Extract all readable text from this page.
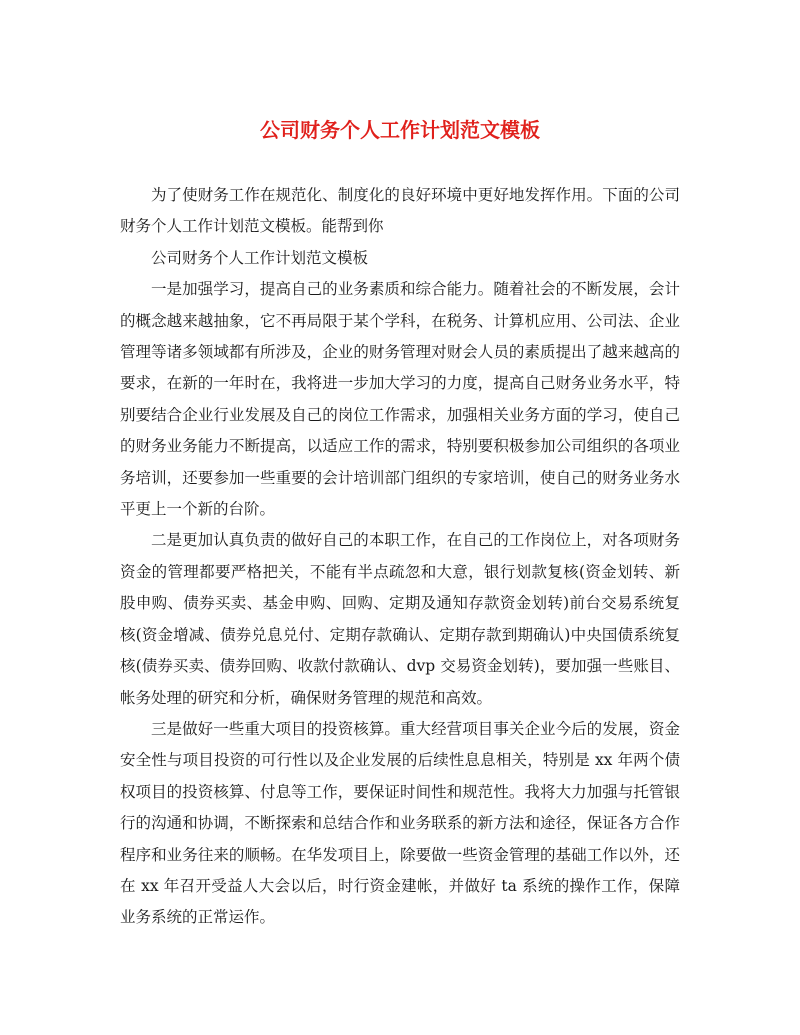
公司财务个人工作计划范文模板

为了使财务工作在规范化、制度化的良好环境中更好地发挥作用。下面的公司财务个人工作计划范文模板。能帮到你

公司财务个人工作计划范文模板

一是加强学习，提高自己的业务素质和综合能力。随着社会的不断发展，会计的概念越来越抽象，它不再局限于某个学科，在税务、计算机应用、公司法、企业管理等诸多领域都有所涉及，企业的财务管理对财会人员的素质提出了越来越高的要求，在新的一年时在，我将进一步加大学习的力度，提高自己财务业务水平，特别要结合企业行业发展及自己的岗位工作需求，加强相关业务方面的学习，使自己的财务业务能力不断提高，以适应工作的需求，特别要积极参加公司组织的各项业务培训，还要参加一些重要的会计培训部门组织的专家培训，使自己的财务业务水平更上一个新的台阶。

二是更加认真负责的做好自己的本职工作，在自己的工作岗位上，对各项财务资金的管理都要严格把关，不能有半点疏忽和大意，银行划款复核(资金划转、新股申购、债券买卖、基金申购、回购、定期及通知存款资金划转)前台交易系统复核(资金增减、债券兑息兑付、定期存款确认、定期存款到期确认)中央国债系统复核(债券买卖、债券回购、收款付款确认、dvp 交易资金划转)，要加强一些账目、帐务处理的研究和分析，确保财务管理的规范和高效。

三是做好一些重大项目的投资核算。重大经营项目事关企业今后的发展，资金安全性与项目投资的可行性以及企业发展的后续性息息相关，特别是 xx 年两个债权项目的投资核算、付息等工作，要保证时间性和规范性。我将大力加强与托管银行的沟通和协调，不断探索和总结合作和业务联系的新方法和途径，保证各方合作程序和业务往来的顺畅。在华发项目上，除要做一些资金管理的基础工作以外，还在 xx 年召开受益人大会以后，时行资金建帐，并做好 ta 系统的操作工作，保障业务系统的正常运作。
